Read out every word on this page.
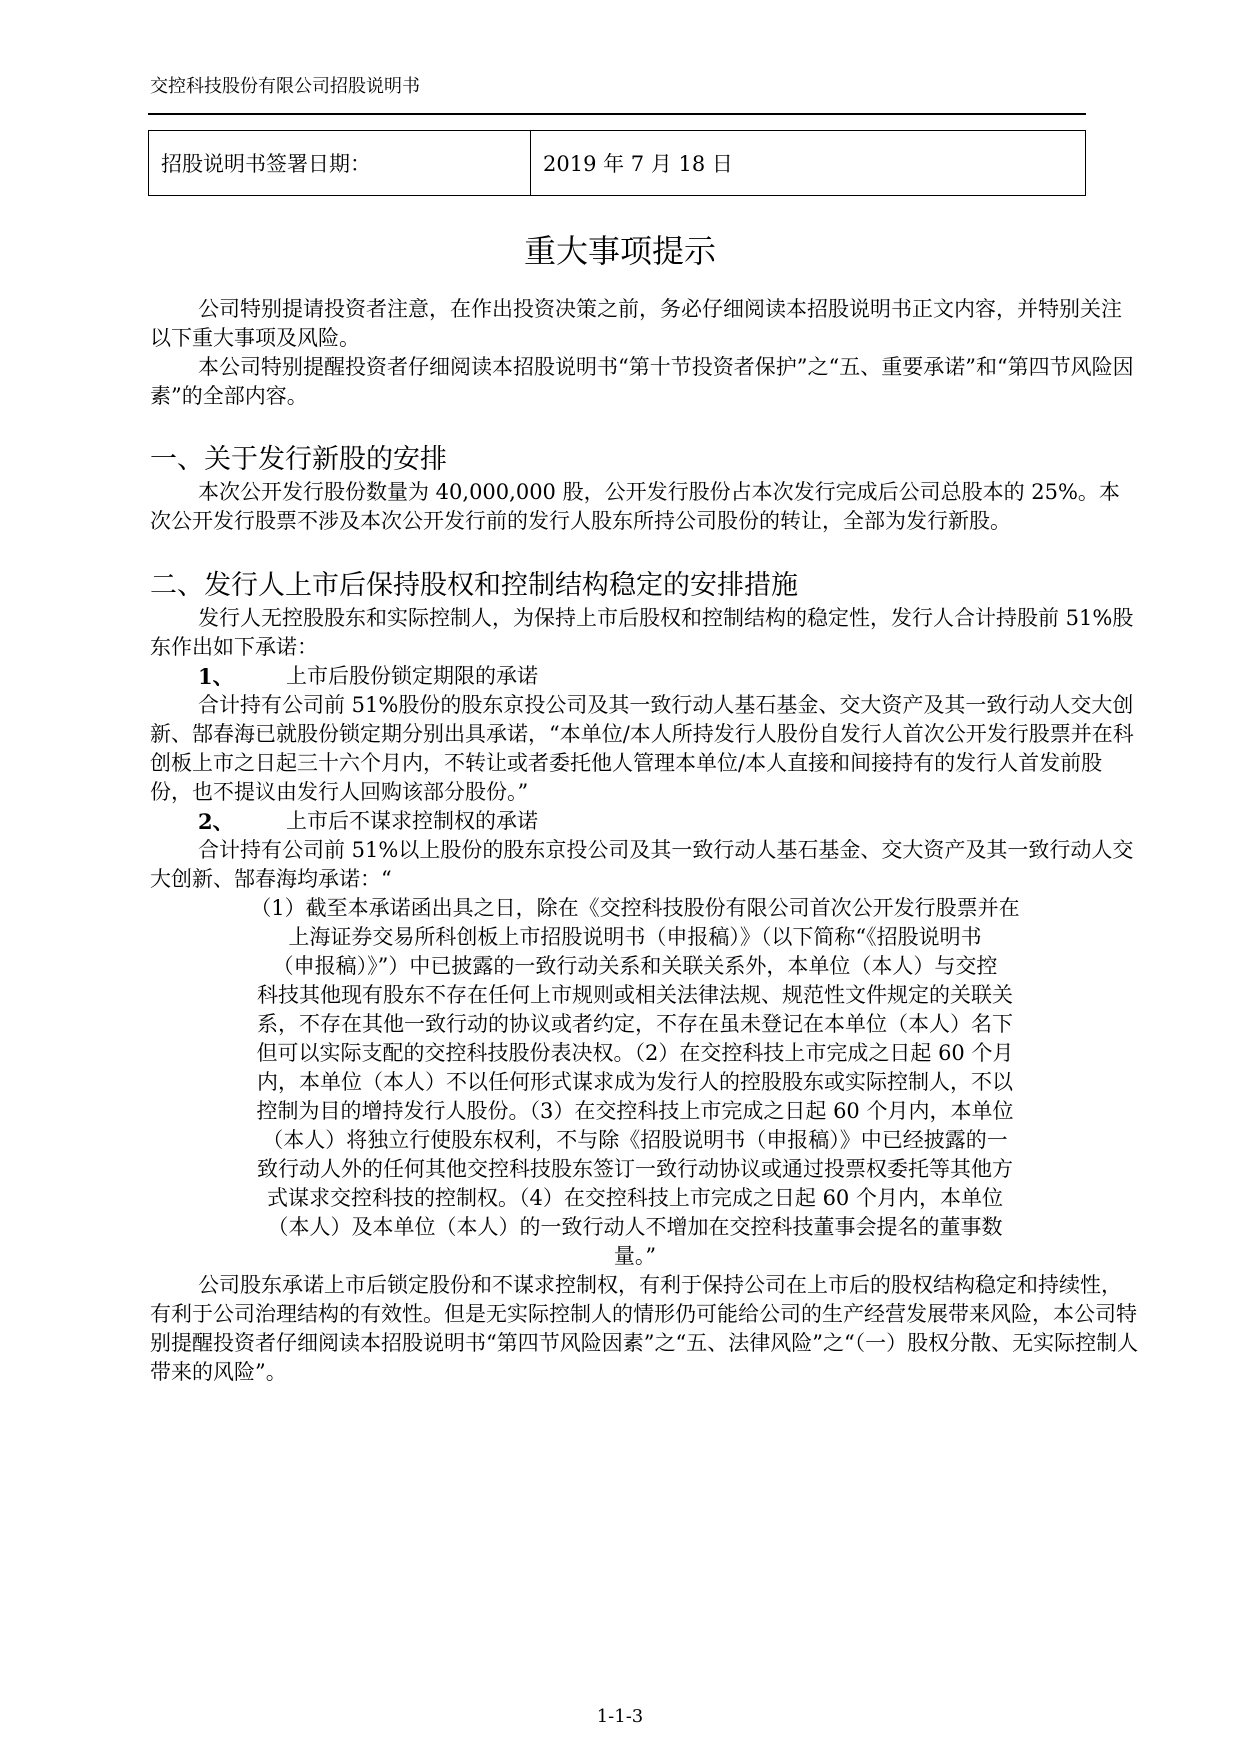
交控科技股份有限公司招股说明书
招股说明书签署日期：	2019 年 7 月 18 日
重大事项提示

公司特别提请投资者注意，在作出投资决策之前，务必仔细阅读本招股说明书正文内容，并特别关注以下重大事项及风险。

本公司特别提醒投资者仔细阅读本招股说明书“第十节投资者保护”之“五、重要承诺”和“第四节风险因素”的全部内容。

一、关于发行新股的安排

本次公开发行股份数量为 40,000,000 股，公开发行股份占本次发行完成后公司总股本的 25%。本次公开发行股票不涉及本次公开发行前的发行人股东所持公司股份的转让，全部为发行新股。

二、发行人上市后保持股权和控制结构稳定的安排措施

发行人无控股股东和实际控制人，为保持上市后股权和控制结构的稳定性，发行人合计持股前 51%股东作出如下承诺：

1、	上市后股份锁定期限的承诺

合计持有公司前 51%股份的股东京投公司及其一致行动人基石基金、交大资产及其一致行动人交大创新、郜春海已就股份锁定期分别出具承诺，“本单位/本人所持发行人股份自发行人首次公开发行股票并在科创板上市之日起三十六个月内，不转让或者委托他人管理本单位/本人直接和间接持有的发行人首发前股份，也不提议由发行人回购该部分股份。”

2、	上市后不谋求控制权的承诺

合计持有公司前 51%以上股份的股东京投公司及其一致行动人基石基金、交大资产及其一致行动人交大创新、郜春海均承诺：“

（1）截至本承诺函出具之日，除在《交控科技股份有限公司首次公开发行股票并在
上海证券交易所科创板上市招股说明书（申报稿）》（以下简称“《招股说明书
（申报稿）》”）中已披露的一致行动关系和关联关系外，本单位（本人）与交控
科技其他现有股东不存在任何上市规则或相关法律法规、规范性文件规定的关联关
系，不存在其他一致行动的协议或者约定，不存在虽未登记在本单位（本人）名下
但可以实际支配的交控科技股份表决权。（2）在交控科技上市完成之日起 60 个月
内，本单位（本人）不以任何形式谋求成为发行人的控股股东或实际控制人，不以
控制为目的增持发行人股份。（3）在交控科技上市完成之日起 60 个月内，本单位
（本人）将独立行使股东权利，不与除《招股说明书（申报稿）》中已经披露的一
致行动人外的任何其他交控科技股东签订一致行动协议或通过投票权委托等其他方
式谋求交控科技的控制权。（4）在交控科技上市完成之日起 60 个月内，本单位
（本人）及本单位（本人）的一致行动人不增加在交控科技董事会提名的董事数
量。”

公司股东承诺上市后锁定股份和不谋求控制权，有利于保持公司在上市后的股权结构稳定和持续性，有利于公司治理结构的有效性。但是无实际控制人的情形仍可能给公司的生产经营发展带来风险，本公司特别提醒投资者仔细阅读本招股说明书“第四节风险因素”之“五、法律风险”之“（一）股权分散、无实际控制人带来的风险”。

1-1-3
